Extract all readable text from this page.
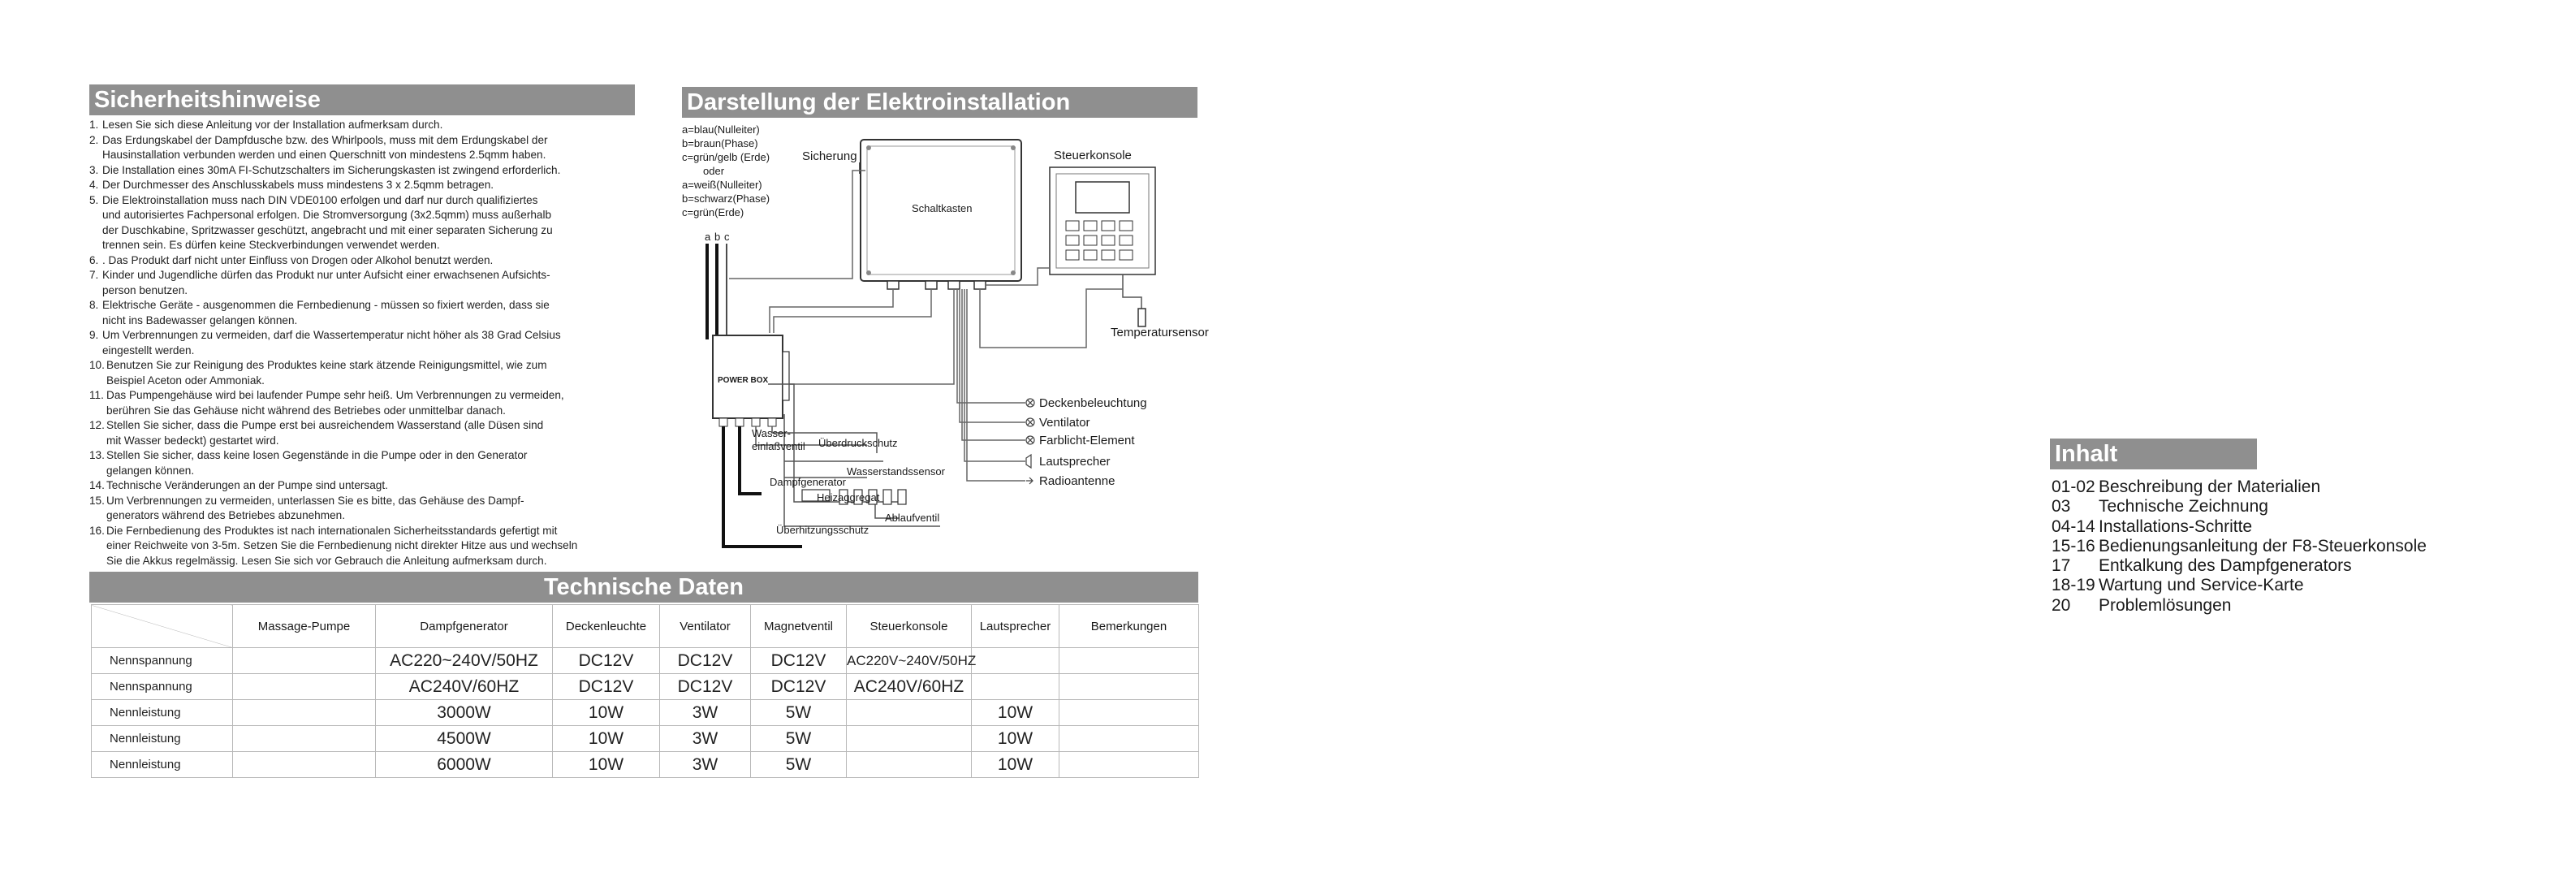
Sicherheitshinweise
1. Lesen Sie sich diese Anleitung vor der Installation aufmerksam durch.
2. Das Erdungskabel der Dampfdusche bzw. des Whirlpools, muss mit dem Erdungskabel der
Hausinstallation verbunden werden und einen Querschnitt von mindestens 2.5qmm haben.
3. Die Installation eines 30mA FI-Schutzschalters im Sicherungskasten ist zwingend erforderlich.
4. Der Durchmesser des Anschlusskabels muss mindestens 3 x 2.5qmm betragen.
5. Die Elektroinstallation muss nach DIN VDE0100 erfolgen und darf nur durch qualifiziertes
und autorisiertes Fachpersonal erfolgen. Die Stromversorgung (3x2.5qmm) muss außerhalb
der Duschkabine, Spritzwasser geschützt, angebracht und mit einer separaten Sicherung zu
trennen sein. Es dürfen keine Steckverbindungen verwendet werden.
6. . Das Produkt darf nicht unter Einfluss von Drogen oder Alkohol benutzt werden.
7. Kinder und Jugendliche dürfen das Produkt nur unter Aufsicht einer erwachsenen Aufsichts-
person benutzen.
8. Elektrische Geräte - ausgenommen die Fernbedienung - müssen so fixiert werden, dass sie
nicht ins Badewasser gelangen können.
9. Um Verbrennungen zu vermeiden, darf die Wassertemperatur nicht höher als 38 Grad Celsius
eingestellt werden.
10. Benutzen Sie zur Reinigung des Produktes keine stark ätzende Reinigungsmittel, wie zum
Beispiel Aceton oder Ammoniak.
11. Das Pumpengehäuse wird bei laufender Pumpe sehr heiß. Um Verbrennungen zu vermeiden,
berühren Sie das Gehäuse nicht während des Betriebes oder unmittelbar danach.
12. Stellen Sie sicher, dass die Pumpe erst bei ausreichendem Wasserstand (alle Düsen sind
mit Wasser bedeckt) gestartet wird.
13. Stellen Sie sicher, dass keine losen Gegenstände in die Pumpe oder in den Generator
gelangen können.
14. Technische Veränderungen an der Pumpe sind untersagt.
15. Um Verbrennungen zu vermeiden, unterlassen Sie es bitte, das Gehäuse des Dampf-
generators während des Betriebes abzunehmen.
16. Die Fernbedienung des Produktes ist nach internationalen Sicherheitsstandards gefertigt mit
einer Reichweite von 3-5m. Setzen Sie die Fernbedienung nicht direkter Hitze aus und wechseln
Sie die Akkus regelmässig. Lesen Sie sich vor Gebrauch die Anleitung aufmerksam durch.
Darstellung der Elektroinstallation
a=blau(Nulleiter)
b=braun(Phase)
c=grün/gelb (Erde)
oder
a=weiß(Nulleiter)
b=schwarz(Phase)
c=grün(Erde)
a b c
Sicherung
Schaltkasten
Steuerkonsole
Temperatursensor
Deckenbeleuchtung
Ventilator
Farblicht-Element
Lautsprecher
Radioantenne
POWER BOX
Wasser-
einlaßventil Überdruckschutz
Wasserstandssensor
Dampfgenerator
Heizaggregat
Ablaufventil
Überhitzungsschutz
Technische Daten
	Massage-Pumpe	Dampfgenerator	Deckenleuchte	Ventilator	Magnetventil	Steuerkonsole	Lautsprecher	Bemerkungen
Nennspannung		AC220~240V/50HZ	DC12V	DC12V	DC12V	AC220V~240V/50HZ		
Nennspannung		AC240V/60HZ	DC12V	DC12V	DC12V	AC240V/60HZ		
Nennleistung		3000W	10W	3W	5W		10W	
Nennleistung		4500W	10W	3W	5W		10W	
Nennleistung		6000W	10W	3W	5W		10W	
Inhalt
01-02 Beschreibung der Materialien
03	Technische Zeichnung
04-14 Installations-Schritte
15-16 Bedienungsanleitung der F8-Steuerkonsole
17	Entkalkung des Dampfgenerators
18-19 Wartung und Service-Karte
20	Problemlösungen
